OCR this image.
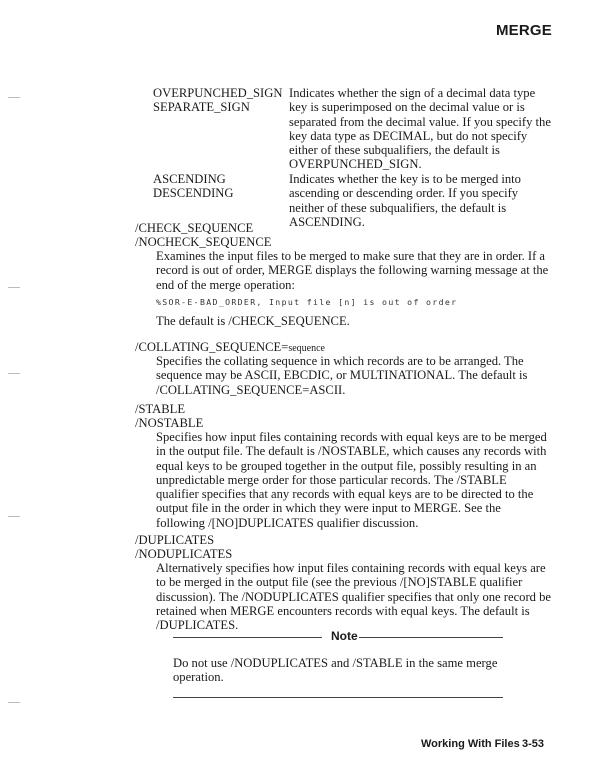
MERGE
OVERPUNCHED_SIGN
SEPARATE_SIGN
Indicates whether the sign of a decimal data type key is superimposed on the decimal value or is separated from the decimal value. If you specify the key data type as DECIMAL, but do not specify either of these subqualifiers, the default is OVERPUNCHED_SIGN.
ASCENDING
DESCENDING
Indicates whether the key is to be merged into ascending or descending order. If you specify neither of these subqualifiers, the default is ASCENDING.
/CHECK_SEQUENCE
/NOCHECK_SEQUENCE
Examines the input files to be merged to make sure that they are in order. If a record is out of order, MERGE displays the following warning message at the end of the merge operation:
%SOR-E-BAD_ORDER, Input file [n] is out of order
The default is /CHECK_SEQUENCE.
/COLLATING_SEQUENCE=sequence
Specifies the collating sequence in which records are to be arranged. The sequence may be ASCII, EBCDIC, or MULTINATIONAL. The default is /COLLATING_SEQUENCE=ASCII.
/STABLE
/NOSTABLE
Specifies how input files containing records with equal keys are to be merged in the output file. The default is /NOSTABLE, which causes any records with equal keys to be grouped together in the output file, possibly resulting in an unpredictable merge order for those particular records. The /STABLE qualifier specifies that any records with equal keys are to be directed to the output file in the order in which they were input to MERGE. See the following /[NO]DUPLICATES qualifier discussion.
/DUPLICATES
/NODUPLICATES
Alternatively specifies how input files containing records with equal keys are to be merged in the output file (see the previous /[NO]STABLE qualifier discussion). The /NODUPLICATES qualifier specifies that only one record be retained when MERGE encounters records with equal keys. The default is /DUPLICATES.
Note
Do not use /NODUPLICATES and /STABLE in the same merge operation.
Working With Files 3-53
